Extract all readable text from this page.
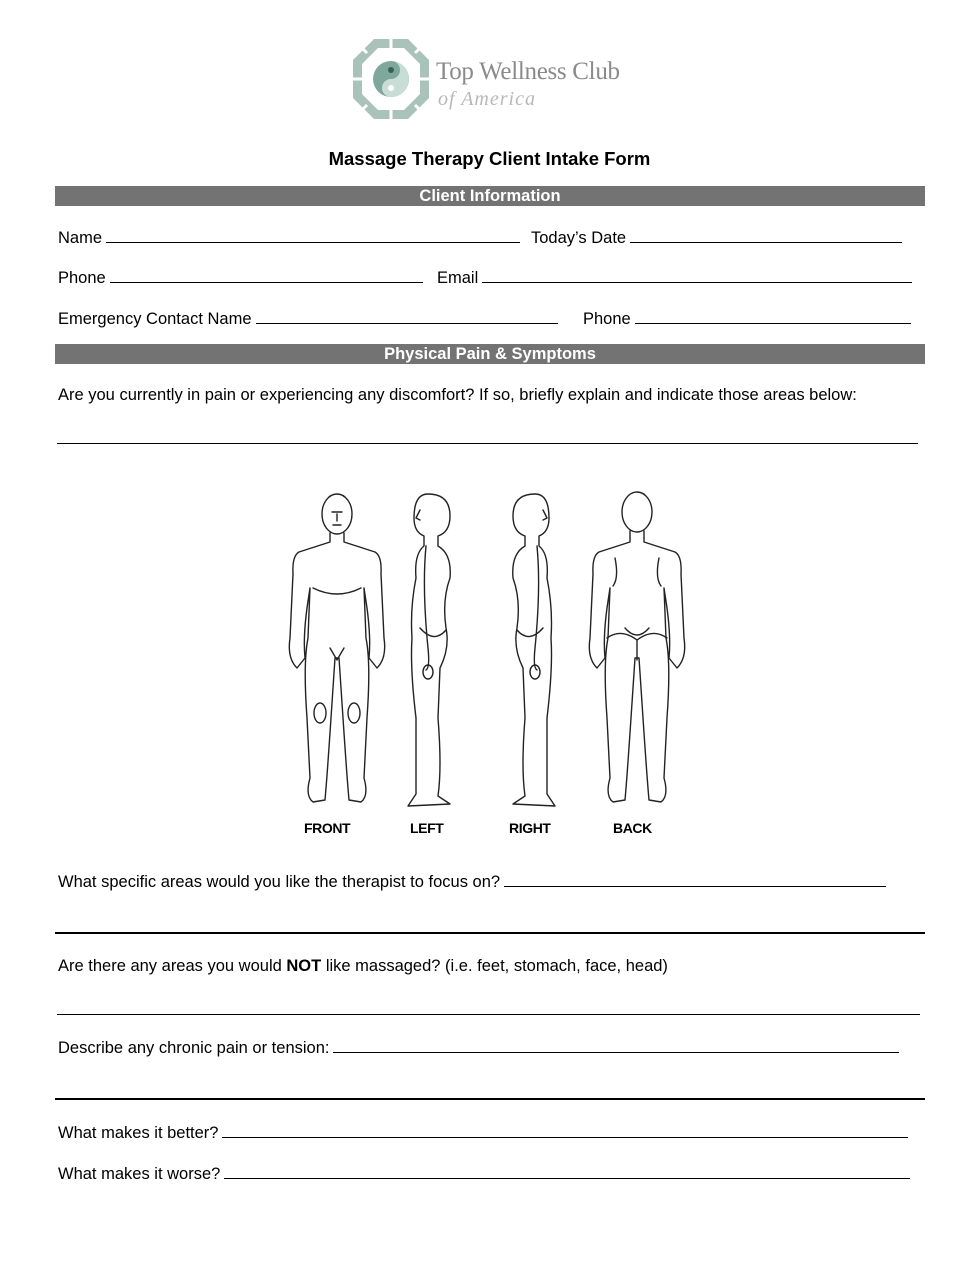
Top Wellness Club
of America
Massage Therapy Client Intake Form
Client Information
Name	Today’s Date
Phone	Email
Emergency Contact Name	Phone
Physical Pain & Symptoms
Are you currently in pain or experiencing any discomfort? If so, briefly explain and indicate those areas below:
FRONT	LEFT	RIGHT	BACK
What specific areas would you like the therapist to focus on?
Are there any areas you would NOT like massaged? (i.e. feet, stomach, face, head)
Describe any chronic pain or tension:
What makes it better?
What makes it worse?
